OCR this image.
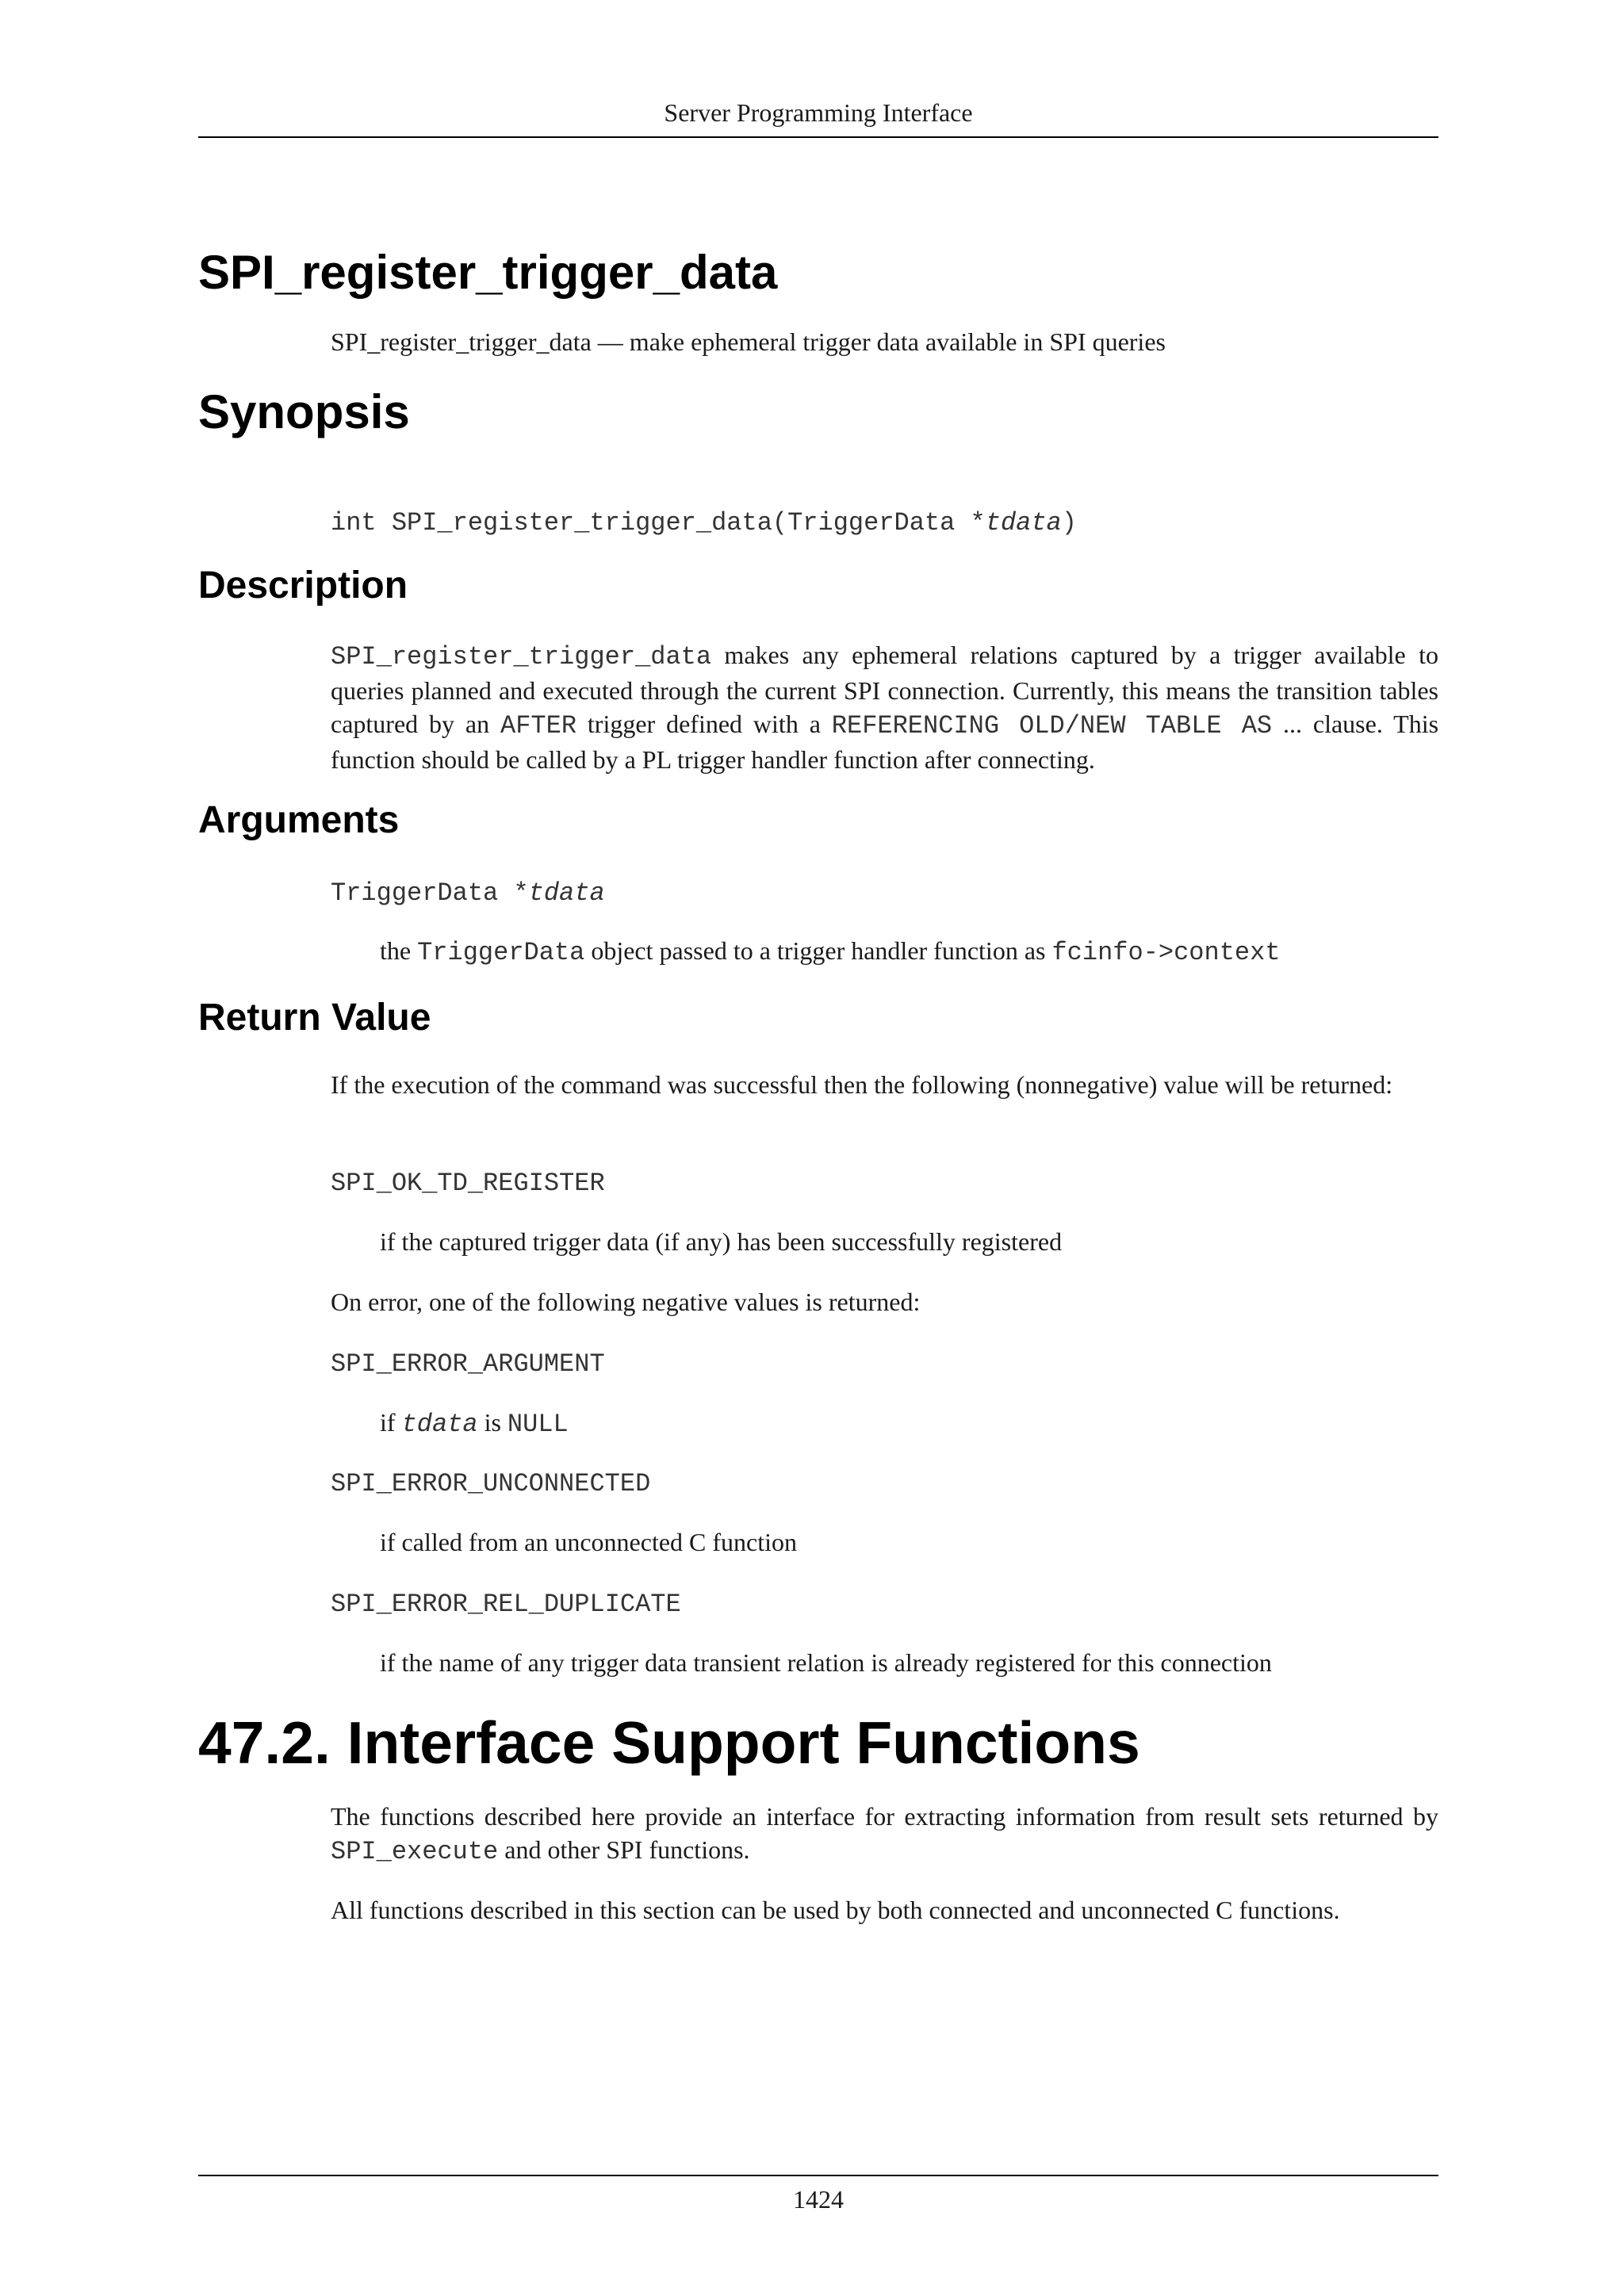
Server Programming Interface
SPI_register_trigger_data
SPI_register_trigger_data — make ephemeral trigger data available in SPI queries
Synopsis
int SPI_register_trigger_data(TriggerData *tdata)
Description
SPI_register_trigger_data makes any ephemeral relations captured by a trigger available to queries planned and executed through the current SPI connection. Currently, this means the transition tables captured by an AFTER trigger defined with a REFERENCING OLD/NEW TABLE AS ... clause. This function should be called by a PL trigger handler function after connecting.
Arguments
TriggerData *tdata
the TriggerData object passed to a trigger handler function as fcinfo->context
Return Value
If the execution of the command was successful then the following (nonnegative) value will be returned:
SPI_OK_TD_REGISTER
if the captured trigger data (if any) has been successfully registered
On error, one of the following negative values is returned:
SPI_ERROR_ARGUMENT
if tdata is NULL
SPI_ERROR_UNCONNECTED
if called from an unconnected C function
SPI_ERROR_REL_DUPLICATE
if the name of any trigger data transient relation is already registered for this connection
47.2. Interface Support Functions
The functions described here provide an interface for extracting information from result sets returned by SPI_execute and other SPI functions.
All functions described in this section can be used by both connected and unconnected C functions.
1424
